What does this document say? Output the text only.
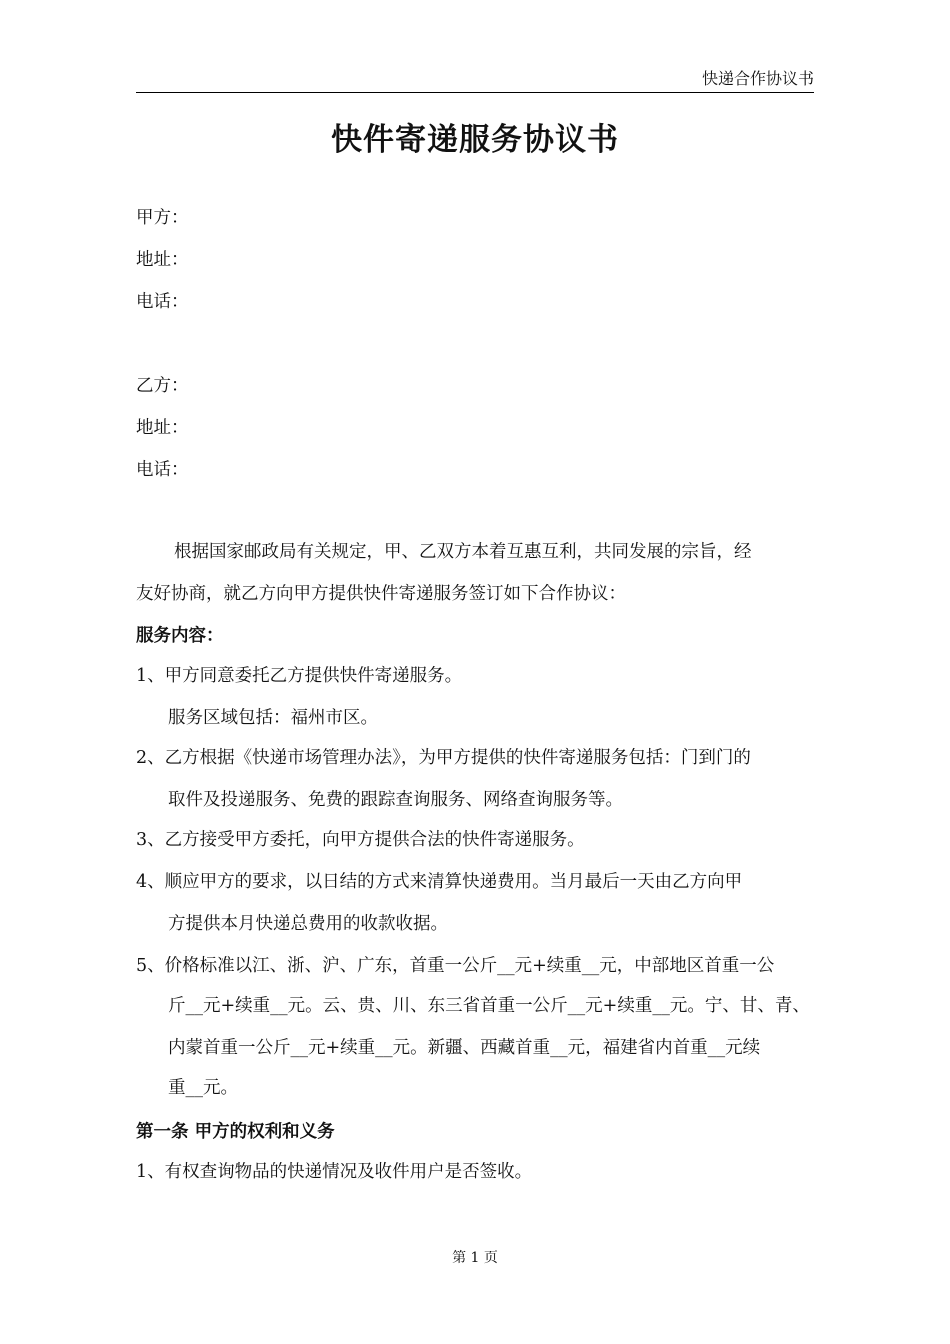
快递合作协议书
快件寄递服务协议书
甲方：
地址：
电话：
乙方：
地址：
电话：
根据国家邮政局有关规定，甲、乙双方本着互惠互利，共同发展的宗旨，经
友好协商，就乙方向甲方提供快件寄递服务签订如下合作协议：
服务内容：
1、甲方同意委托乙方提供快件寄递服务。
服务区域包括：福州市区。
2、乙方根据《快递市场管理办法》，为甲方提供的快件寄递服务包括：门到门的
取件及投递服务、免费的跟踪查询服务、网络查询服务等。
3、乙方接受甲方委托，向甲方提供合法的快件寄递服务。
4、顺应甲方的要求，以日结的方式来清算快递费用。当月最后一天由乙方向甲
方提供本月快递总费用的收款收据。
5、价格标准以江、浙、沪、广东，首重一公斤__元+续重__元，中部地区首重一公
斤__元+续重__元。云、贵、川、东三省首重一公斤__元+续重__元。宁、甘、青、
内蒙首重一公斤__元+续重__元。新疆、西藏首重__元，福建省内首重__元续
重__元。
第一条 甲方的权利和义务
1、有权查询物品的快递情况及收件用户是否签收。
第 1 页
